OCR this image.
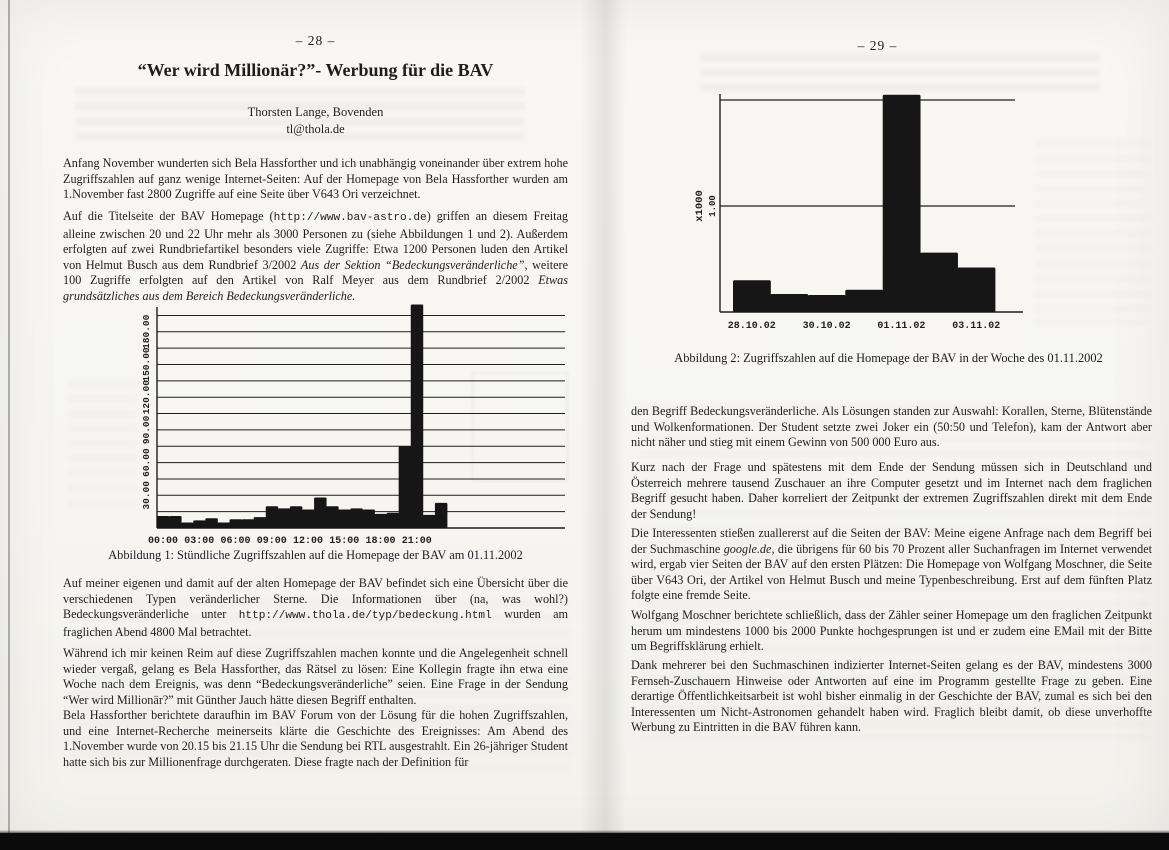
– 28 –
“Wer wird Millionär?”- Werbung für die BAV
Thorsten Lange, Bovenden
tl@thola.de

Anfang November wunderten sich Bela Hassforther und ich unabhängig voneinander über extrem hohe Zugriffszahlen auf ganz wenige Internet-Seiten: Auf der Homepage von Bela Hassforther wurden am 1.November fast 2800 Zugriffe auf eine Seite über V643 Ori verzeichnet.

Auf die Titelseite der BAV Homepage (http://www.bav-astro.de) griffen an diesem Freitag alleine zwischen 20 und 22 Uhr mehr als 3000 Personen zu (siehe Abbildungen 1 und 2). Außerdem erfolgten auf zwei Rundbriefartikel besonders viele Zugriffe: Etwa 1200 Personen luden den Artikel von Helmut Busch aus dem Rundbrief 3/2002 Aus der Sektion “Bedeckungsveränderliche”, weitere 100 Zugriffe erfolgten auf den Artikel von Ralf Meyer aus dem Rundbrief 2/2002 Etwas grundsätzliches aus dem Bereich Bedeckungsveränderliche.

30.00
60.00
90.00
120.00
150.00
180.00
00:00 03:00 06:00 09:00 12:00 15:00 18:00 21:00
Abbildung 1: Stündliche Zugriffszahlen auf die Homepage der BAV am 01.11.2002

Auf meiner eigenen und damit auf der alten Homepage der BAV befindet sich eine Übersicht über die verschiedenen Typen veränderlicher Sterne. Die Informationen über (na, was wohl?) Bedeckungsveränderliche unter http://www.thola.de/typ/bedeckung.html wurden am fraglichen Abend 4800 Mal betrachtet.

Während ich mir keinen Reim auf diese Zugriffszahlen machen konnte und die Angelegenheit schnell wieder vergaß, gelang es Bela Hassforther, das Rätsel zu lösen: Eine Kollegin fragte ihn etwa eine Woche nach dem Ereignis, was denn “Bedeckungsveränderliche” seien. Eine Frage in der Sendung “Wer wird Millionär?” mit Günther Jauch hätte diesen Begriff enthalten.

Bela Hassforther berichtete daraufhin im BAV Forum von der Lösung für die hohen Zugriffszahlen, und eine Internet-Recherche meinerseits klärte die Geschichte des Ereignisses: Am Abend des 1.November wurde von 20.15 bis 21.15 Uhr die Sendung bei RTL ausgestrahlt. Ein 26-jähriger Student hatte sich bis zur Millionenfrage durchgeraten. Diese fragte nach der Definition für

– 29 –
x1000 1.00
28.10.02	30.10.02	01.11.02	03.11.02
Abbildung 2: Zugriffszahlen auf die Homepage der BAV in der Woche des 01.11.2002

den Begriff Bedeckungsveränderliche. Als Lösungen standen zur Auswahl: Korallen, Sterne, Blütenstände und Wolkenformationen. Der Student setzte zwei Joker ein (50:50 und Telefon), kam der Antwort aber nicht näher und stieg mit einem Gewinn von 500 000 Euro aus.

Kurz nach der Frage und spätestens mit dem Ende der Sendung müssen sich in Deutschland und Österreich mehrere tausend Zuschauer an ihre Computer gesetzt und im Internet nach dem fraglichen Begriff gesucht haben. Daher korreliert der Zeitpunkt der extremen Zugriffszahlen direkt mit dem Ende der Sendung!

Die Interessenten stießen zuallererst auf die Seiten der BAV: Meine eigene Anfrage nach dem Begriff bei der Suchmaschine google.de, die übrigens für 60 bis 70 Prozent aller Suchanfragen im Internet verwendet wird, ergab vier Seiten der BAV auf den ersten Plätzen: Die Homepage von Wolfgang Moschner, die Seite über V643 Ori, der Artikel von Helmut Busch und meine Typenbeschreibung. Erst auf dem fünften Platz folgte eine fremde Seite.

Wolfgang Moschner berichtete schließlich, dass der Zähler seiner Homepage um den fraglichen Zeitpunkt herum um mindestens 1000 bis 2000 Punkte hochgesprungen ist und er zudem eine EMail mit der Bitte um Begriffsklärung erhielt.

Dank mehrerer bei den Suchmaschinen indizierter Internet-Seiten gelang es der BAV, mindestens 3000 Fernseh-Zuschauern Hinweise oder Antworten auf eine im Programm gestellte Frage zu geben. Eine derartige Öffentlichkeitsarbeit ist wohl bisher einmalig in der Geschichte der BAV, zumal es sich bei den Interessenten um Nicht-Astronomen gehandelt haben wird. Fraglich bleibt damit, ob diese unverhoffte Werbung zu Eintritten in die BAV führen kann.
